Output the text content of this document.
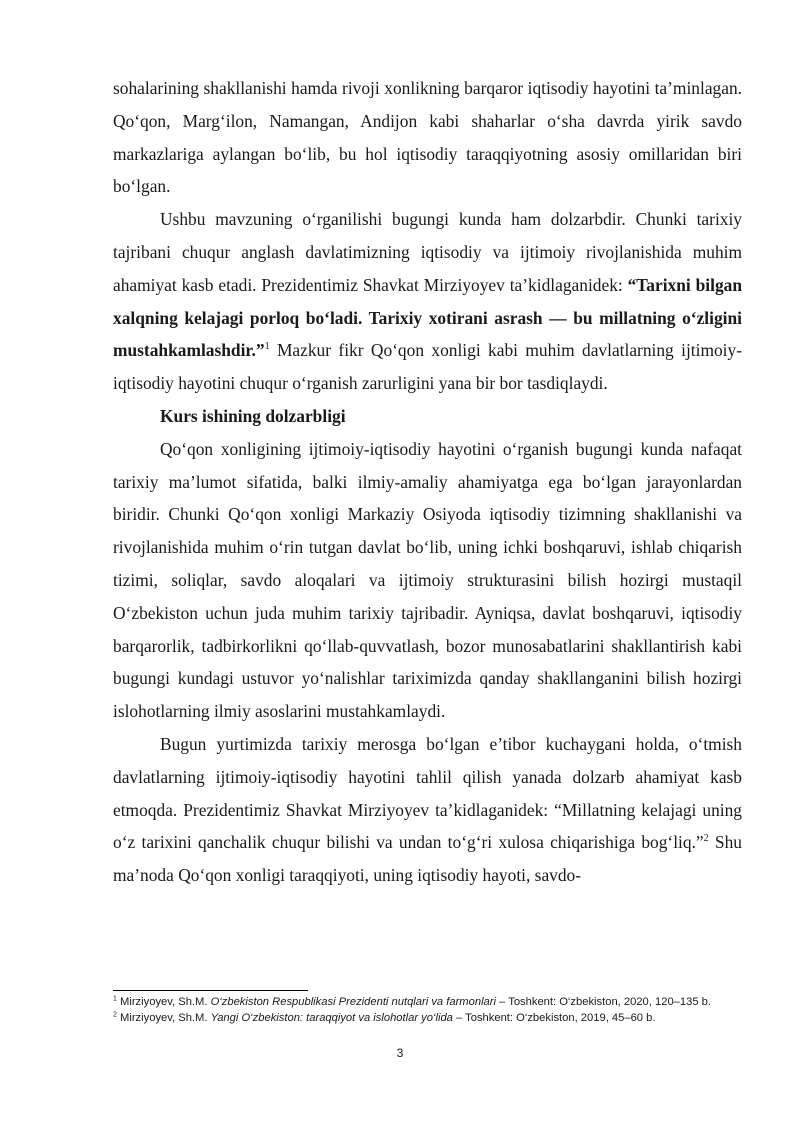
sohalarining shakllanishi hamda rivoji xonlikning barqaror iqtisodiy hayotini ta’minlagan. Qo‘qon, Marg‘ilon, Namangan, Andijon kabi shaharlar o‘sha davrda yirik savdo markazlariga aylangan bo‘lib, bu hol iqtisodiy taraqqiyotning asosiy omillaridan biri bo‘lgan.

Ushbu mavzuning o‘rganilishi bugungi kunda ham dolzarbdir. Chunki tarixiy tajribani chuqur anglash davlatimizning iqtisodiy va ijtimoiy rivojlanishida muhim ahamiyat kasb etadi. Prezidentimiz Shavkat Mirziyoyev ta’kidlaganidek: “Tarixni bilgan xalqning kelajagi porloq bo‘ladi. Tarixiy xotirani asrash — bu millatning o‘zligini mustahkamlashdir.”$^1$ Mazkur fikr Qo‘qon xonligi kabi muhim davlatlarning ijtimoiy-iqtisodiy hayotini chuqur o‘rganish zarurligini yana bir bor tasdiqlaydi.

Kurs ishining dolzarbligi

Qo‘qon xonligining ijtimoiy-iqtisodiy hayotini o‘rganish bugungi kunda nafaqat tarixiy ma’lumot sifatida, balki ilmiy-amaliy ahamiyatga ega bo‘lgan jarayonlardan biridir. Chunki Qo‘qon xonligi Markaziy Osiyoda iqtisodiy tizimning shakllanishi va rivojlanishida muhim o‘rin tutgan davlat bo‘lib, uning ichki boshqaruvi, ishlab chiqarish tizimi, soliqlar, savdo aloqalari va ijtimoiy strukturasini bilish hozirgi mustaqil O‘zbekiston uchun juda muhim tarixiy tajribadir. Ayniqsa, davlat boshqaruvi, iqtisodiy barqarorlik, tadbirkorlikni qo‘llab-quvvatlash, bozor munosabatlarini shakllantirish kabi bugungi kundagi ustuvor yo‘nalishlar tariximizda qanday shakllanganini bilish hozirgi islohotlarning ilmiy asoslarini mustahkamlaydi.

Bugun yurtimizda tarixiy merosga bo‘lgan e’tibor kuchaygani holda, o‘tmish davlatlarning ijtimoiy-iqtisodiy hayotini tahlil qilish yanada dolzarb ahamiyat kasb etmoqda. Prezidentimiz Shavkat Mirziyoyev ta’kidlaganidek: “Millatning kelajagi uning o‘z tarixini qanchalik chuqur bilishi va undan to‘g‘ri xulosa chiqarishiga bog‘liq.”$^2$ Shu ma’noda Qo‘qon xonligi taraqqiyoti, uning iqtisodiy hayoti, savdo-

$^1$ Mirziyoyev, Sh.M. O‘zbekiston Respublikasi Prezidenti nutqlari va farmonlari – Toshkent: O‘zbekiston, 2020, 120–135 b.

$^2$ Mirziyoyev, Sh.M. Yangi O‘zbekiston: taraqqiyot va islohotlar yo‘lida – Toshkent: O‘zbekiston, 2019, 45–60 b.

3
